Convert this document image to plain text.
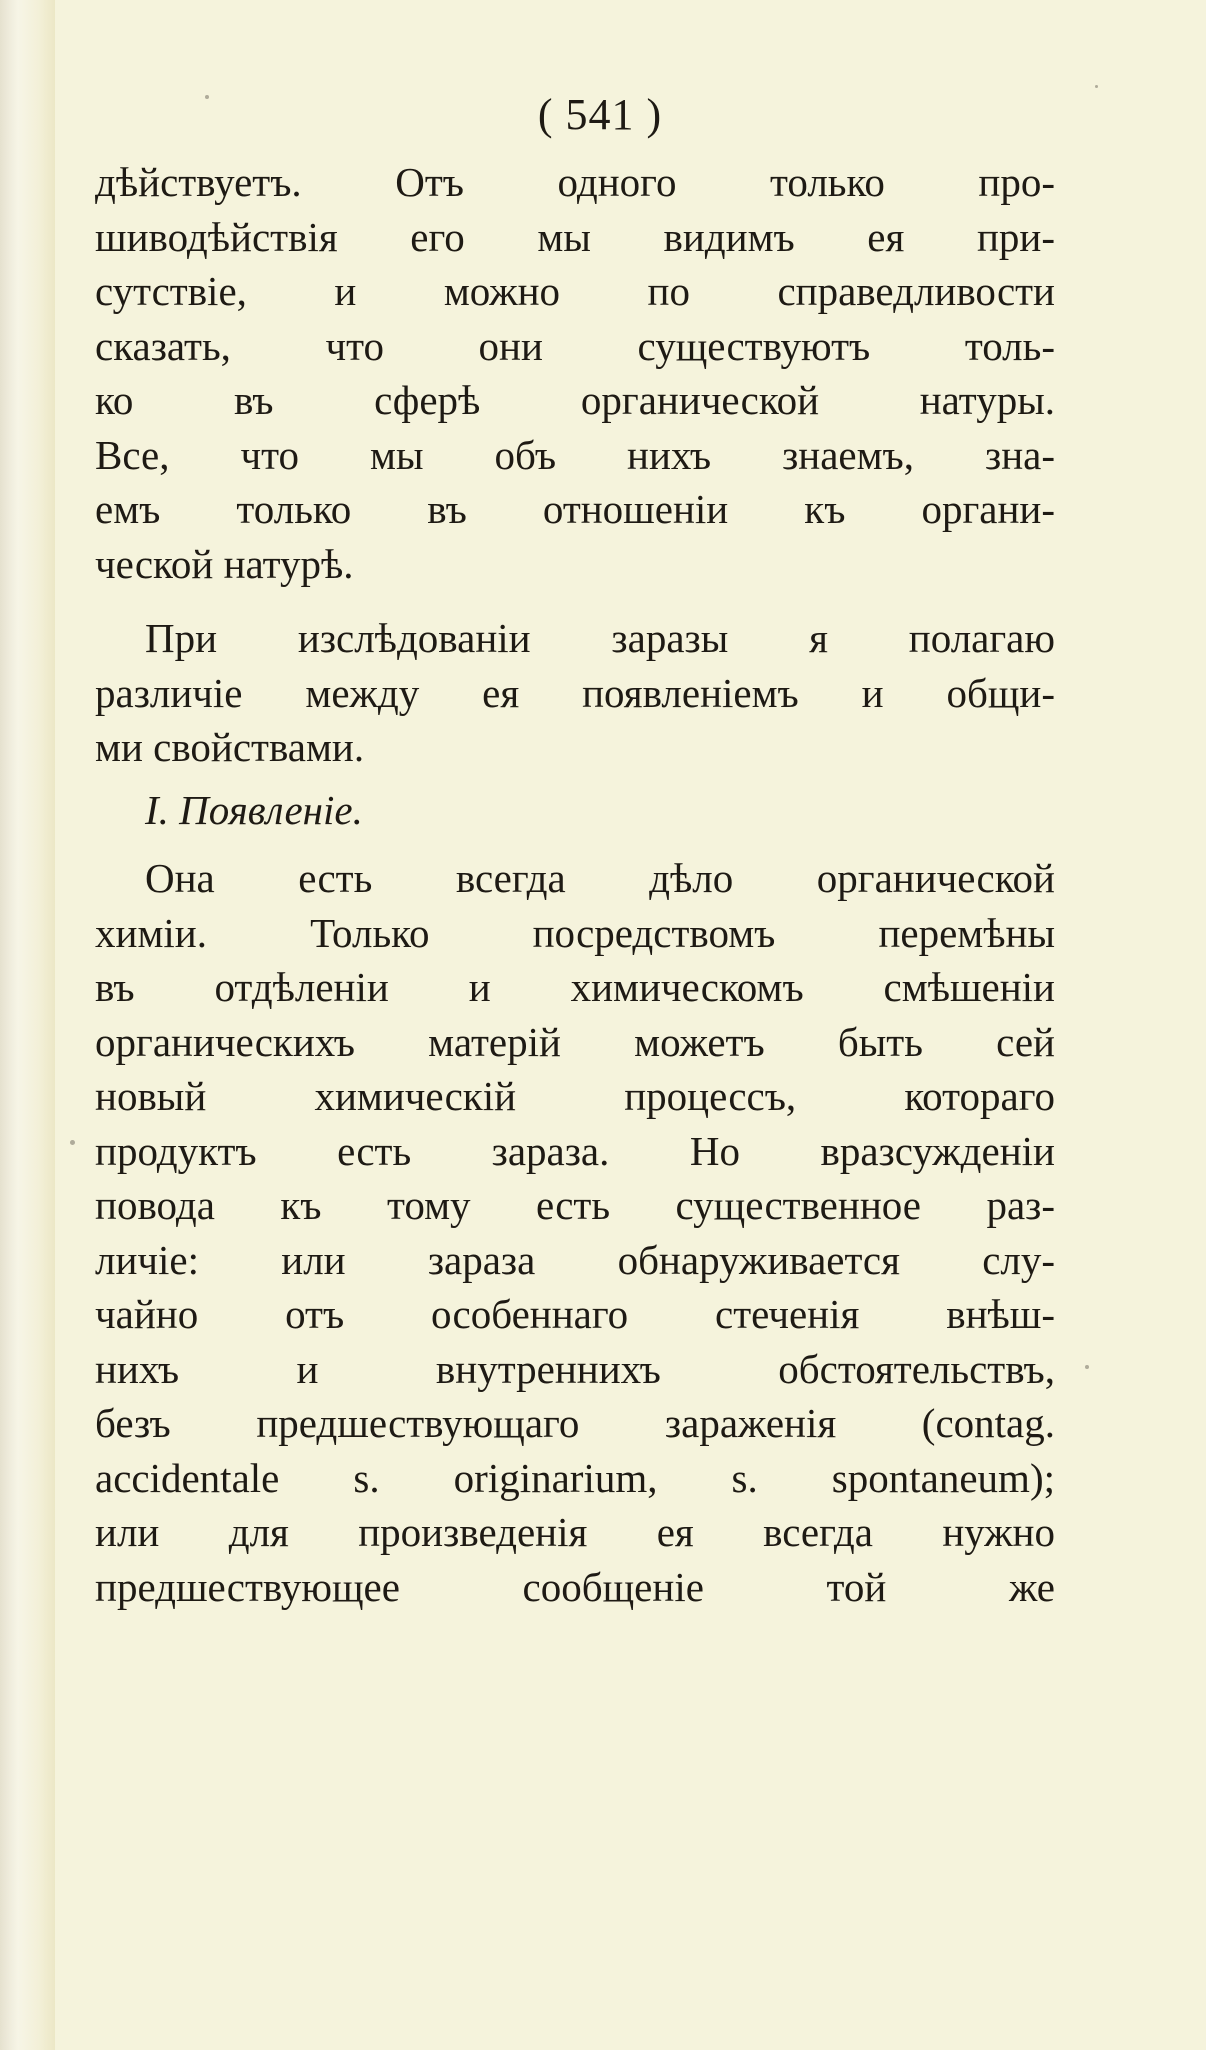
( 541 )
дѣйствуетъ. Отъ одного только про-
шиводѣйствія его мы видимъ ея при-
сутствіе, и можно по справедливости
сказать, что они существуютъ толь-
ко въ сферѣ органической натуры.
Все, что мы объ нихъ знаемъ, зна-
емъ только въ отношеніи къ органи-
ческой натурѣ.
При изслѣдованіи заразы я полагаю
различіе между ея появленіемъ и общи-
ми свойствами.
I. Появленіе.
Она есть всегда дѣло органической
химіи. Только посредствомъ перемѣны
въ отдѣленіи и химическомъ смѣшеніи
органическихъ матерій можетъ быть сей
новый химическій процессъ, котораго
продуктъ есть зараза. Но вразсужденіи
повода къ тому есть существенное раз-
личіе: или зараза обнаруживается слу-
чайно отъ особеннаго стеченія внѣш-
нихъ и внутреннихъ обстоятельствъ,
безъ предшествующаго зараженія (contag.
accidentale s. originarium, s. spontaneum);
или для произведенія ея всегда нужно
предшествующее сообщеніе той же
